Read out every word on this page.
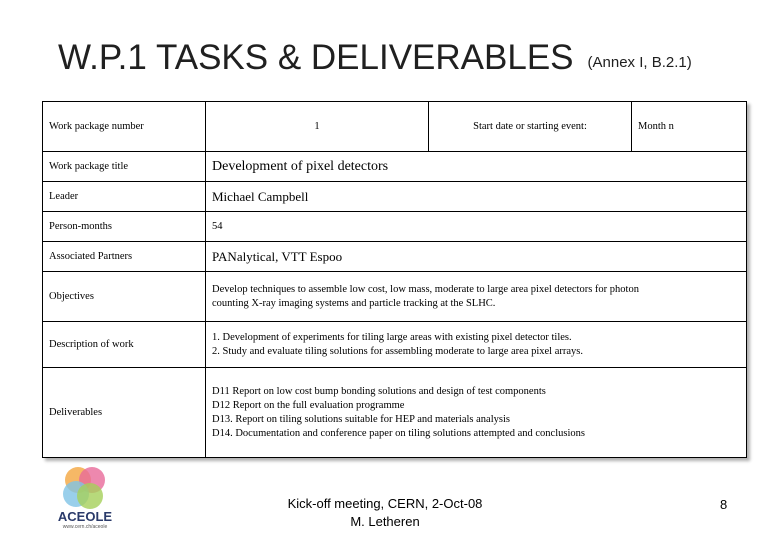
W.P.1 TASKS & DELIVERABLES (Annex I, B.2.1)
Work package number	1	Start date or starting event:	Month n
Work package title	Development of pixel detectors		
Leader	Michael Campbell		
Person-months	54		
Associated Partners	PANalytical, VTT Espoo		
Objectives	Develop techniques to assemble low cost, low mass, moderate to large area pixel detectors for photon
counting X-ray imaging systems and particle tracking at the SLHC.		

Description of work	1. Development of experiments for tiling large areas with existing pixel detector tiles.
2. Study and evaluate tiling solutions for assembling moderate to large area pixel arrays.		

Deliverables	D11 Report on low cost bump bonding solutions and design of test components
D12 Report on the full evaluation programme
D13. Report on tiling solutions suitable for HEP and materials analysis
D14. Documentation and conference paper on tiling solutions attempted and conclusions		
ACEOLE
www.cern.ch/aceole
Kick-off meeting, CERN, 2-Oct-08
M. Letheren
8
